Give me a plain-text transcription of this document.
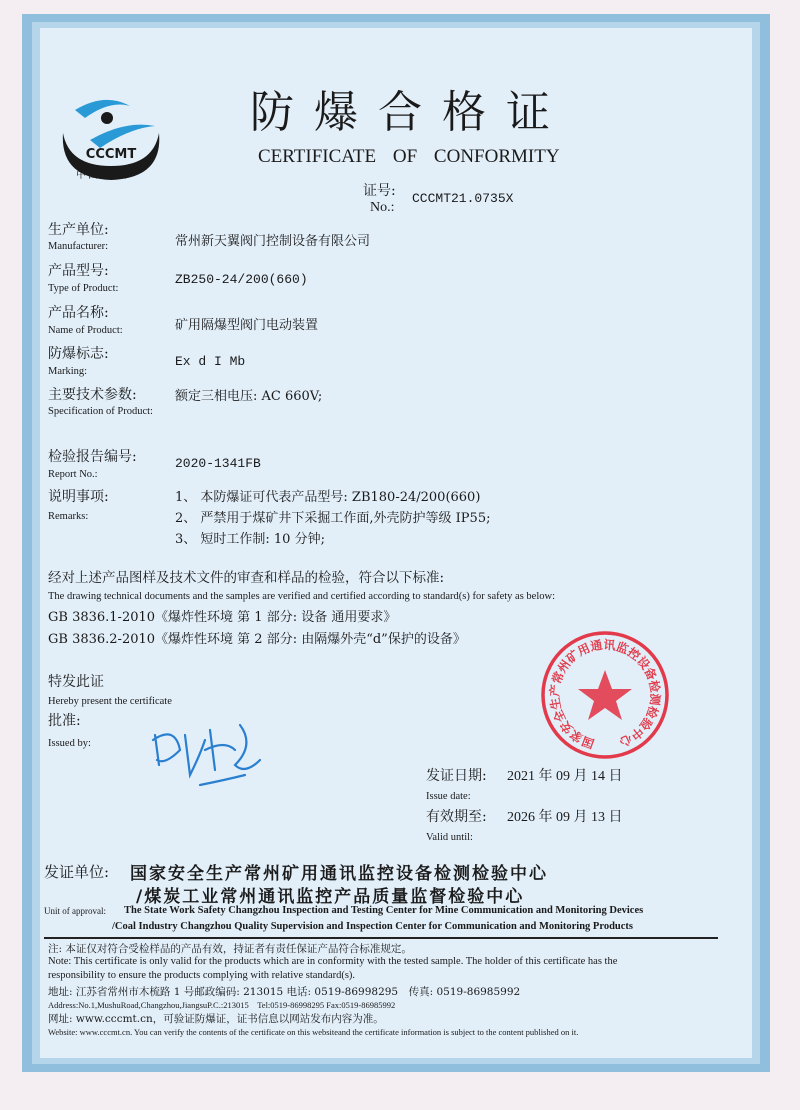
CCCMT
中国·常州
防爆合格证
CERTIFICATE OF CONFORMITY
证号:
No.:
CCCMT21.0735X
生产单位:
Manufacturer:	常州新天翼阀门控制设备有限公司
产品型号:
Type of Product:
ZB250-24/200(660)
产品名称:
Name of Product:	矿用隔爆型阀门电动装置
防爆标志:
Marking:
Ex d I Mb
主要技术参数:
Specification of Product:
额定三相电压: AC 660V;
检验报告编号:
Report No.:
2020-1341FB
说明事项:
Remarks:
1、 本防爆证可代表产品型号: ZB180-24/200(660)
2、 严禁用于煤矿井下采掘工作面,外壳防护等级 IP55;
3、 短时工作制: 10 分钟;
经对上述产品图样及技术文件的审查和样品的检验，符合以下标准:
The drawing technical documents and the samples are verified and certified according to standard(s) for safety as below:
GB 3836.1-2010《爆炸性环境 第 1 部分: 设备 通用要求》
GB 3836.2-2010《爆炸性环境 第 2 部分: 由隔爆外壳“d”保护的设备》
特发此证
Hereby present the certificate
批准:
Issued by:	国家安全生产常州矿用通讯监控设备检测检验中心
发证日期: 2021 年 09 月 14 日
Issue date:
有效期至: 2026 年 09 月 13 日
Valid until:
发证单位: 国家安全生产常州矿用通讯监控设备检测检验中心
/煤炭工业常州通讯监控产品质量监督检验中心
Unit of approval: The State Work Safety Changzhou Inspection and Testing Center for Mine Communication and Monitoring Devices
/Coal Industry Changzhou Quality Supervision and Inspection Center for Communication and Monitoring Products
注: 本证仅对符合受检样品的产品有效，持证者有责任保证产品符合标准规定。
Note: This certificate is only valid for the products which are in conformity with the tested sample. The holder of this certificate has the
responsibility to ensure the products complying with relative standard(s).
地址: 江苏省常州市木梳路 1 号邮政编码: 213015 电话: 0519-86998295　传真: 0519-86985992
Address:No.1,MushuRoad,Changzhou,JiangsuP.C.:213015　Tel:0519-86998295 Fax:0519-86985992
网址: www.cccmt.cn，可验证防爆证，证书信息以网站发布内容为准。
Website: www.cccmt.cn. You can verify the contents of the certificate on this websiteand the certificate information is subject to the content published on it.
